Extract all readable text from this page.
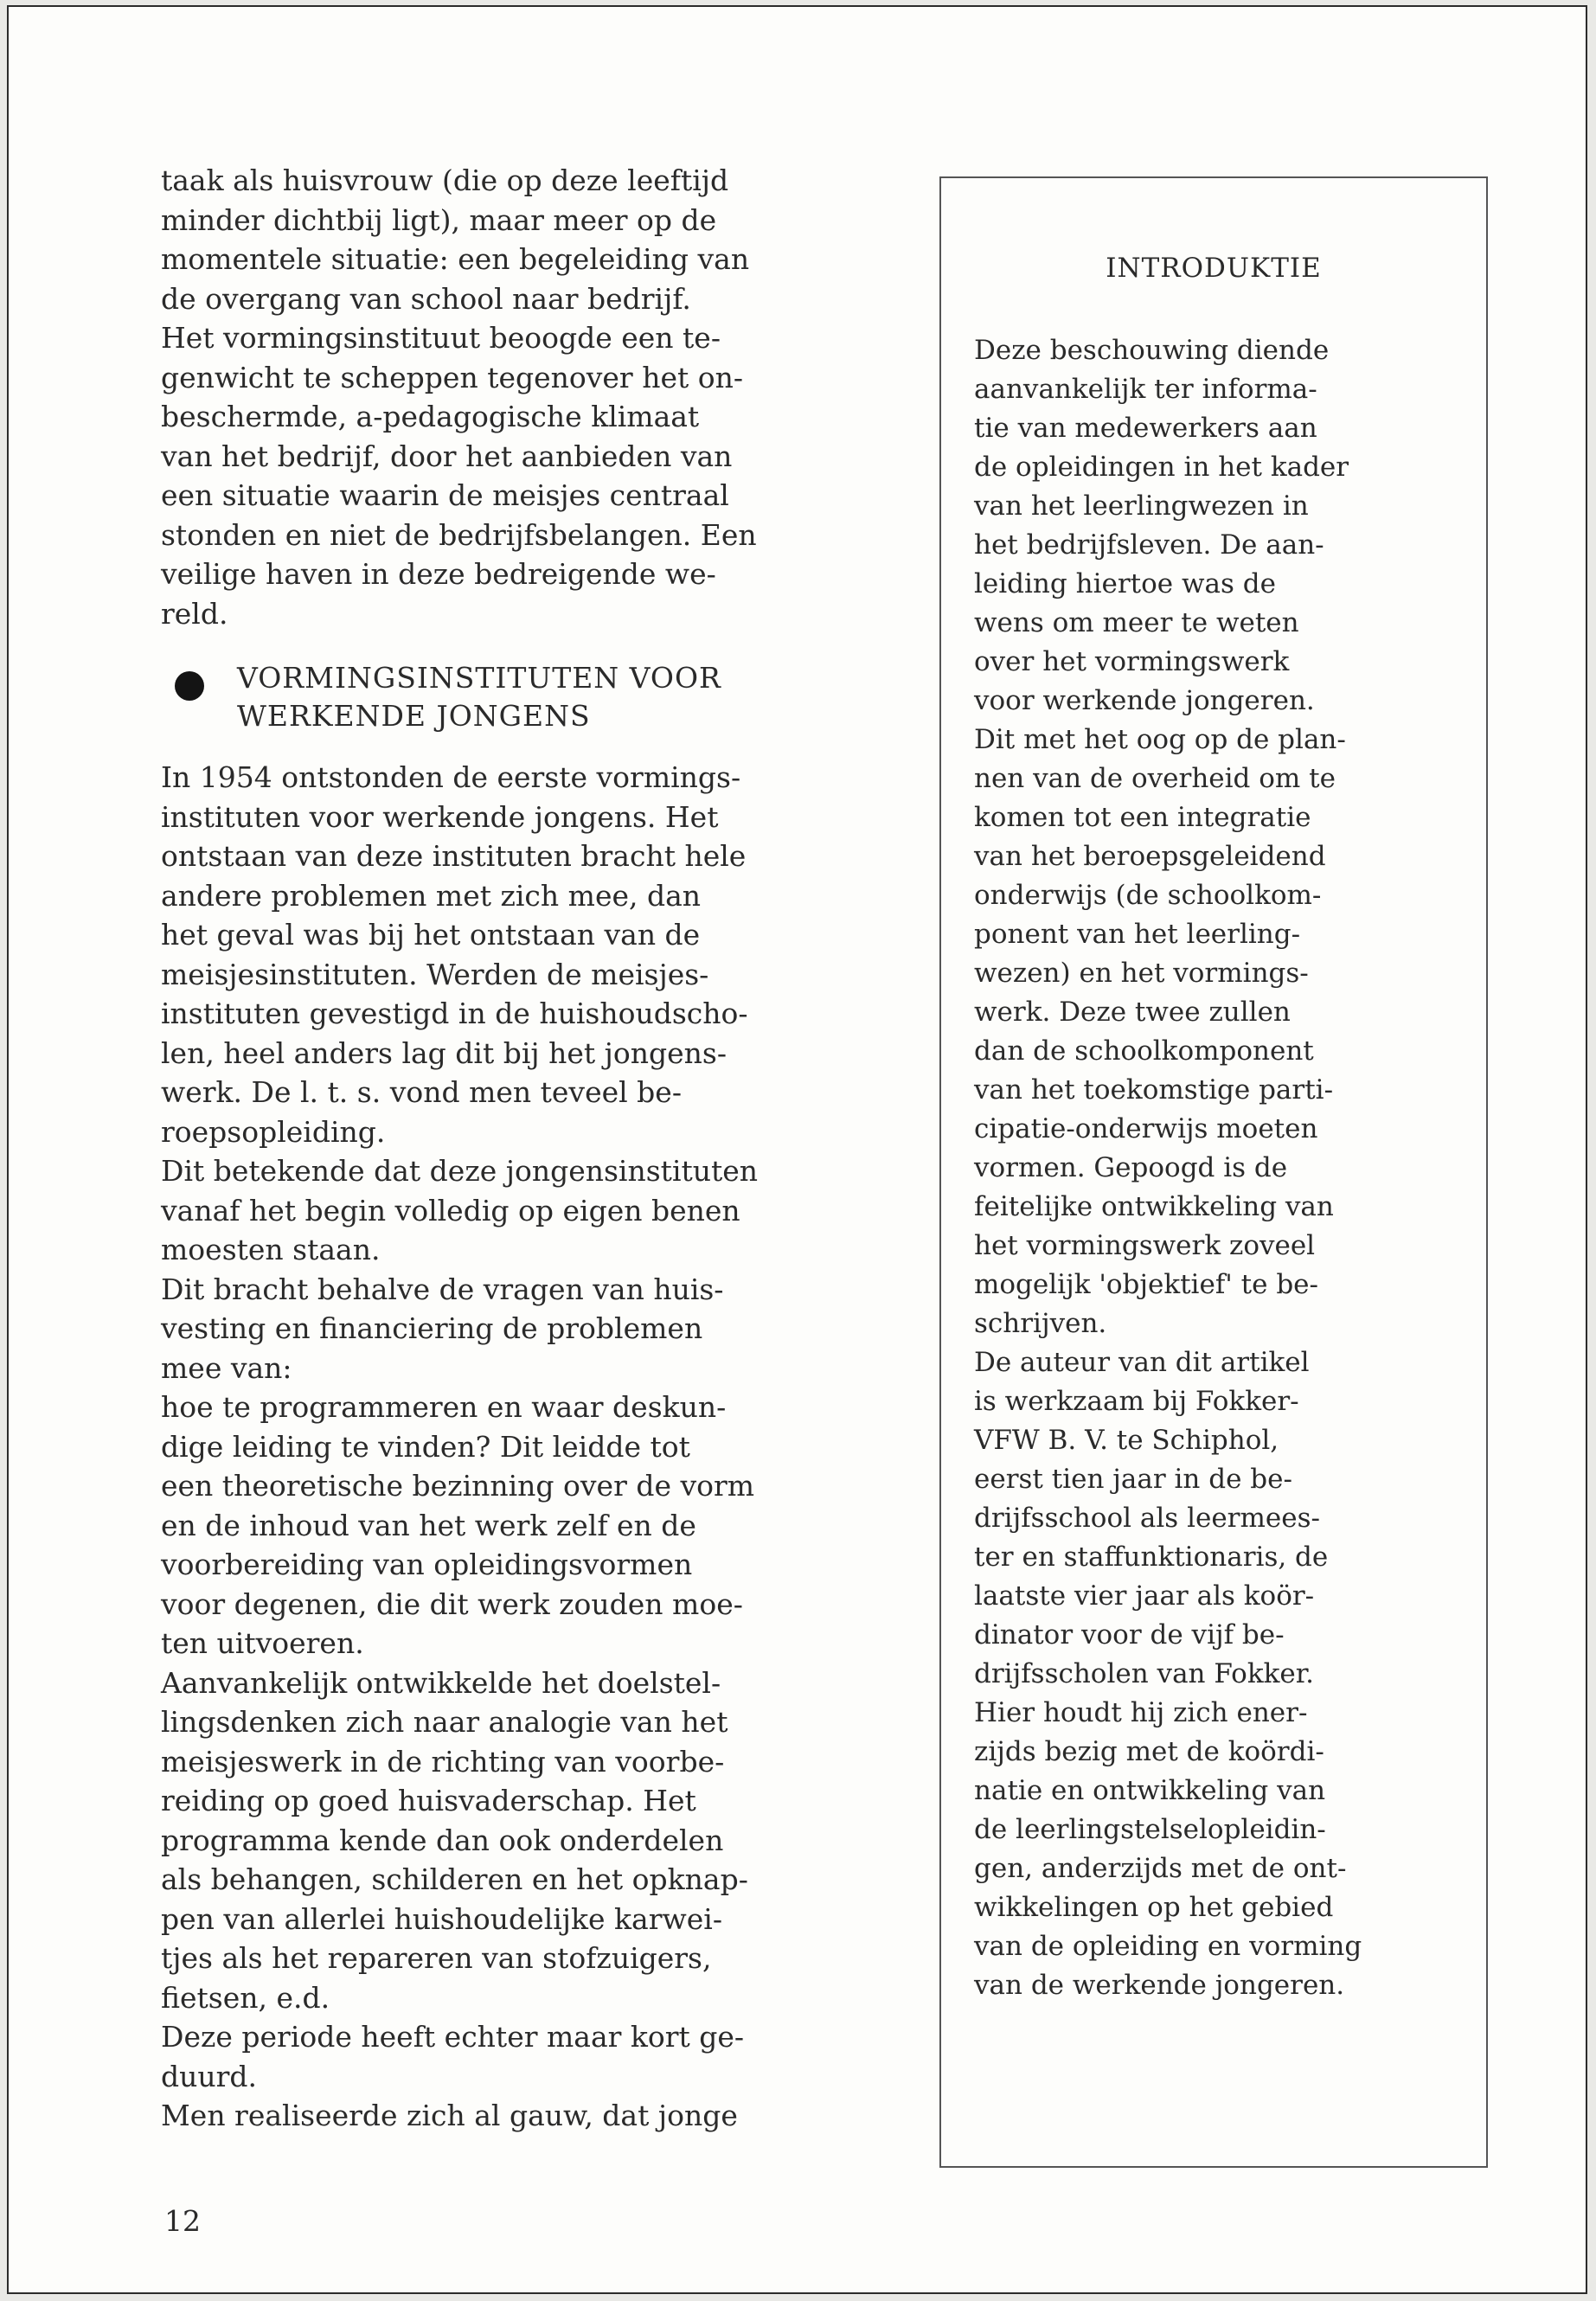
taak als huisvrouw (die op deze leeftijd
minder dichtbij ligt), maar meer op de
momentele situatie: een begeleiding van
de overgang van school naar bedrijf.
Het vormingsinstituut beoogde een te-
genwicht te scheppen tegenover het on-
beschermde, a-pedagogische klimaat
van het bedrijf, door het aanbieden van
een situatie waarin de meisjes centraal
stonden en niet de bedrijfsbelangen. Een
veilige haven in deze bedreigende we-
reld.
VORMINGSINSTITUTEN VOOR
WERKENDE JONGENS
In 1954 ontstonden de eerste vormings-
instituten voor werkende jongens. Het
ontstaan van deze instituten bracht hele
andere problemen met zich mee, dan
het geval was bij het ontstaan van de
meisjesinstituten. Werden de meisjes-
instituten gevestigd in de huishoudscho-
len, heel anders lag dit bij het jongens-
werk. De l. t. s. vond men teveel be-
roepsopleiding.
Dit betekende dat deze jongensinstituten
vanaf het begin volledig op eigen benen
moesten staan.
Dit bracht behalve de vragen van huis-
vesting en financiering de problemen
mee van:
hoe te programmeren en waar deskun-
dige leiding te vinden? Dit leidde tot
een theoretische bezinning over de vorm
en de inhoud van het werk zelf en de
voorbereiding van opleidingsvormen
voor degenen, die dit werk zouden moe-
ten uitvoeren.
Aanvankelijk ontwikkelde het doelstel-
lingsdenken zich naar analogie van het
meisjeswerk in de richting van voorbe-
reiding op goed huisvaderschap. Het
programma kende dan ook onderdelen
als behangen, schilderen en het opknap-
pen van allerlei huishoudelijke karwei-
tjes als het repareren van stofzuigers,
fietsen, e.d.
Deze periode heeft echter maar kort ge-
duurd.
Men realiseerde zich al gauw, dat jonge
INTRODUKTIE
Deze beschouwing diende
aanvankelijk ter informa-
tie van medewerkers aan
de opleidingen in het kader
van het leerlingwezen in
het bedrijfsleven. De aan-
leiding hiertoe was de
wens om meer te weten
over het vormingswerk
voor werkende jongeren.
Dit met het oog op de plan-
nen van de overheid om te
komen tot een integratie
van het beroepsgeleidend
onderwijs (de schoolkom-
ponent van het leerling-
wezen) en het vormings-
werk. Deze twee zullen
dan de schoolkomponent
van het toekomstige parti-
cipatie-onderwijs moeten
vormen. Gepoogd is de
feitelijke ontwikkeling van
het vormingswerk zoveel
mogelijk 'objektief' te be-
schrijven.
De auteur van dit artikel
is werkzaam bij Fokker-
VFW B. V. te Schiphol,
eerst tien jaar in de be-
drijfsschool als leermees-
ter en staffunktionaris, de
laatste vier jaar als koör-
dinator voor de vijf be-
drijfsscholen van Fokker.
Hier houdt hij zich ener-
zijds bezig met de koördi-
natie en ontwikkeling van
de leerlingstelselopleidin-
gen, anderzijds met de ont-
wikkelingen op het gebied
van de opleiding en vorming
van de werkende jongeren.
12
